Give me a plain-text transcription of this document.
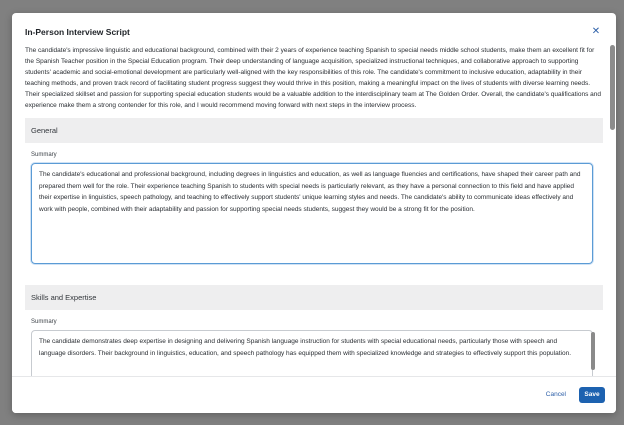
In-Person Interview Script	✕

The candidate's impressive linguistic and educational background, combined with their 2 years of experience teaching Spanish to special needs middle school students, make them an excellent fit for the Spanish Teacher position in the Special Education program. Their deep understanding of language acquisition, specialized instructional techniques, and collaborative approach to supporting students' academic and social-emotional development are particularly well-aligned with the key responsibilities of this role. The candidate's commitment to inclusive education, adaptability in their teaching methods, and proven track record of facilitating student progress suggest they would thrive in this position, making a meaningful impact on the lives of students with diverse learning needs. Their specialized skillset and passion for supporting special education students would be a valuable addition to the interdisciplinary team at The Golden Order. Overall, the candidate's qualifications and experience make them a strong contender for this role, and I would recommend moving forward with next steps in the interview process.

General
Summary
The candidate's educational and professional background, including degrees in linguistics and education, as well as language fluencies and certifications, have shaped their career path and prepared them well for the role. Their experience teaching Spanish to students with special needs is particularly relevant, as they have a personal connection to this field and have applied their expertise in linguistics, speech pathology, and teaching to effectively support students' unique learning styles and needs. The candidate's ability to communicate ideas effectively and work with people, combined with their adaptability and passion for supporting special needs students, suggest they would be a strong fit for the position.
Skills and Expertise
Summary
The candidate demonstrates deep expertise in designing and delivering Spanish language instruction for students with special educational needs, particularly those with speech and language disorders. Their background in linguistics, education, and speech pathology has equipped them with specialized knowledge and strategies to effectively support this population.
Cancel	Save
